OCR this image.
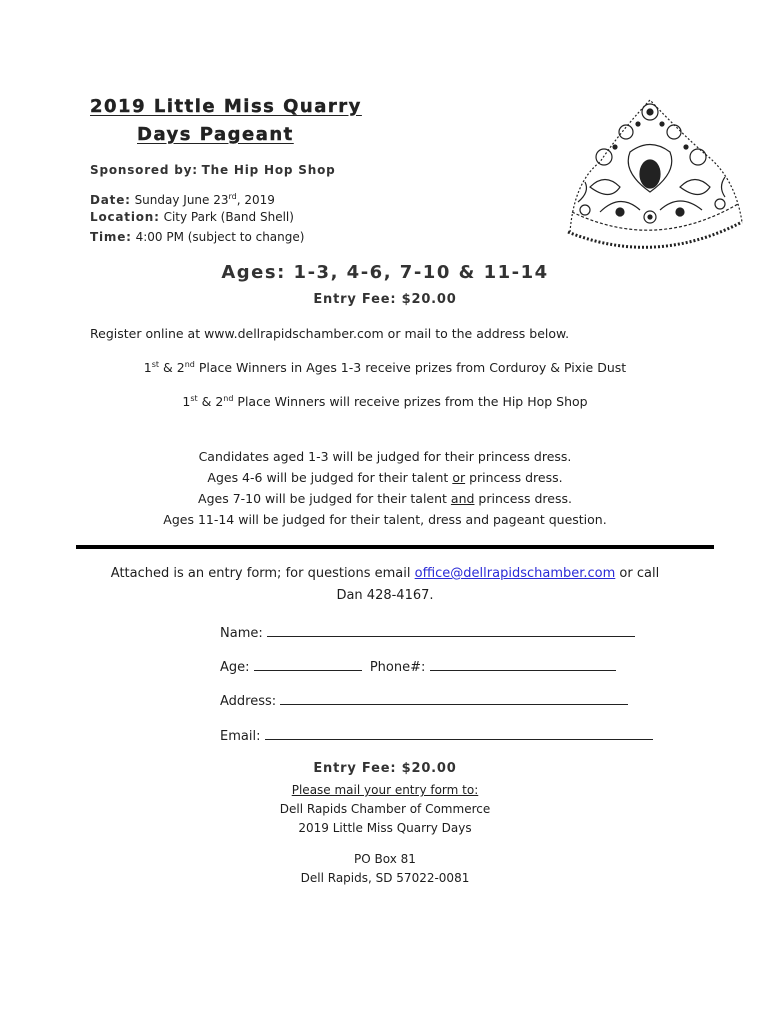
2019 Little Miss Quarry
Days Pageant
Sponsored by: The Hip Hop Shop
Date: Sunday June 23rd, 2019
Location: City Park (Band Shell)
Time: 4:00 PM (subject to change)
Ages: 1-3, 4-6, 7-10 & 11-14
Entry Fee: $20.00
Register online at www.dellrapidschamber.com or mail to the address below.
1st & 2nd Place Winners in Ages 1-3 receive prizes from Corduroy & Pixie Dust
1st & 2nd Place Winners will receive prizes from the Hip Hop Shop
Candidates aged 1-3 will be judged for their princess dress.
Ages 4-6 will be judged for their talent or princess dress.
Ages 7-10 will be judged for their talent and princess dress.
Ages 11-14 will be judged for their talent, dress and pageant question.
Attached is an entry form; for questions email office@dellrapidschamber.com or call
Dan 428-4167.
Name:
Age:	Phone#:
Address:
Email:
Entry Fee: $20.00
Please mail your entry form to:
Dell Rapids Chamber of Commerce
2019 Little Miss Quarry Days
PO Box 81
Dell Rapids, SD 57022-0081
